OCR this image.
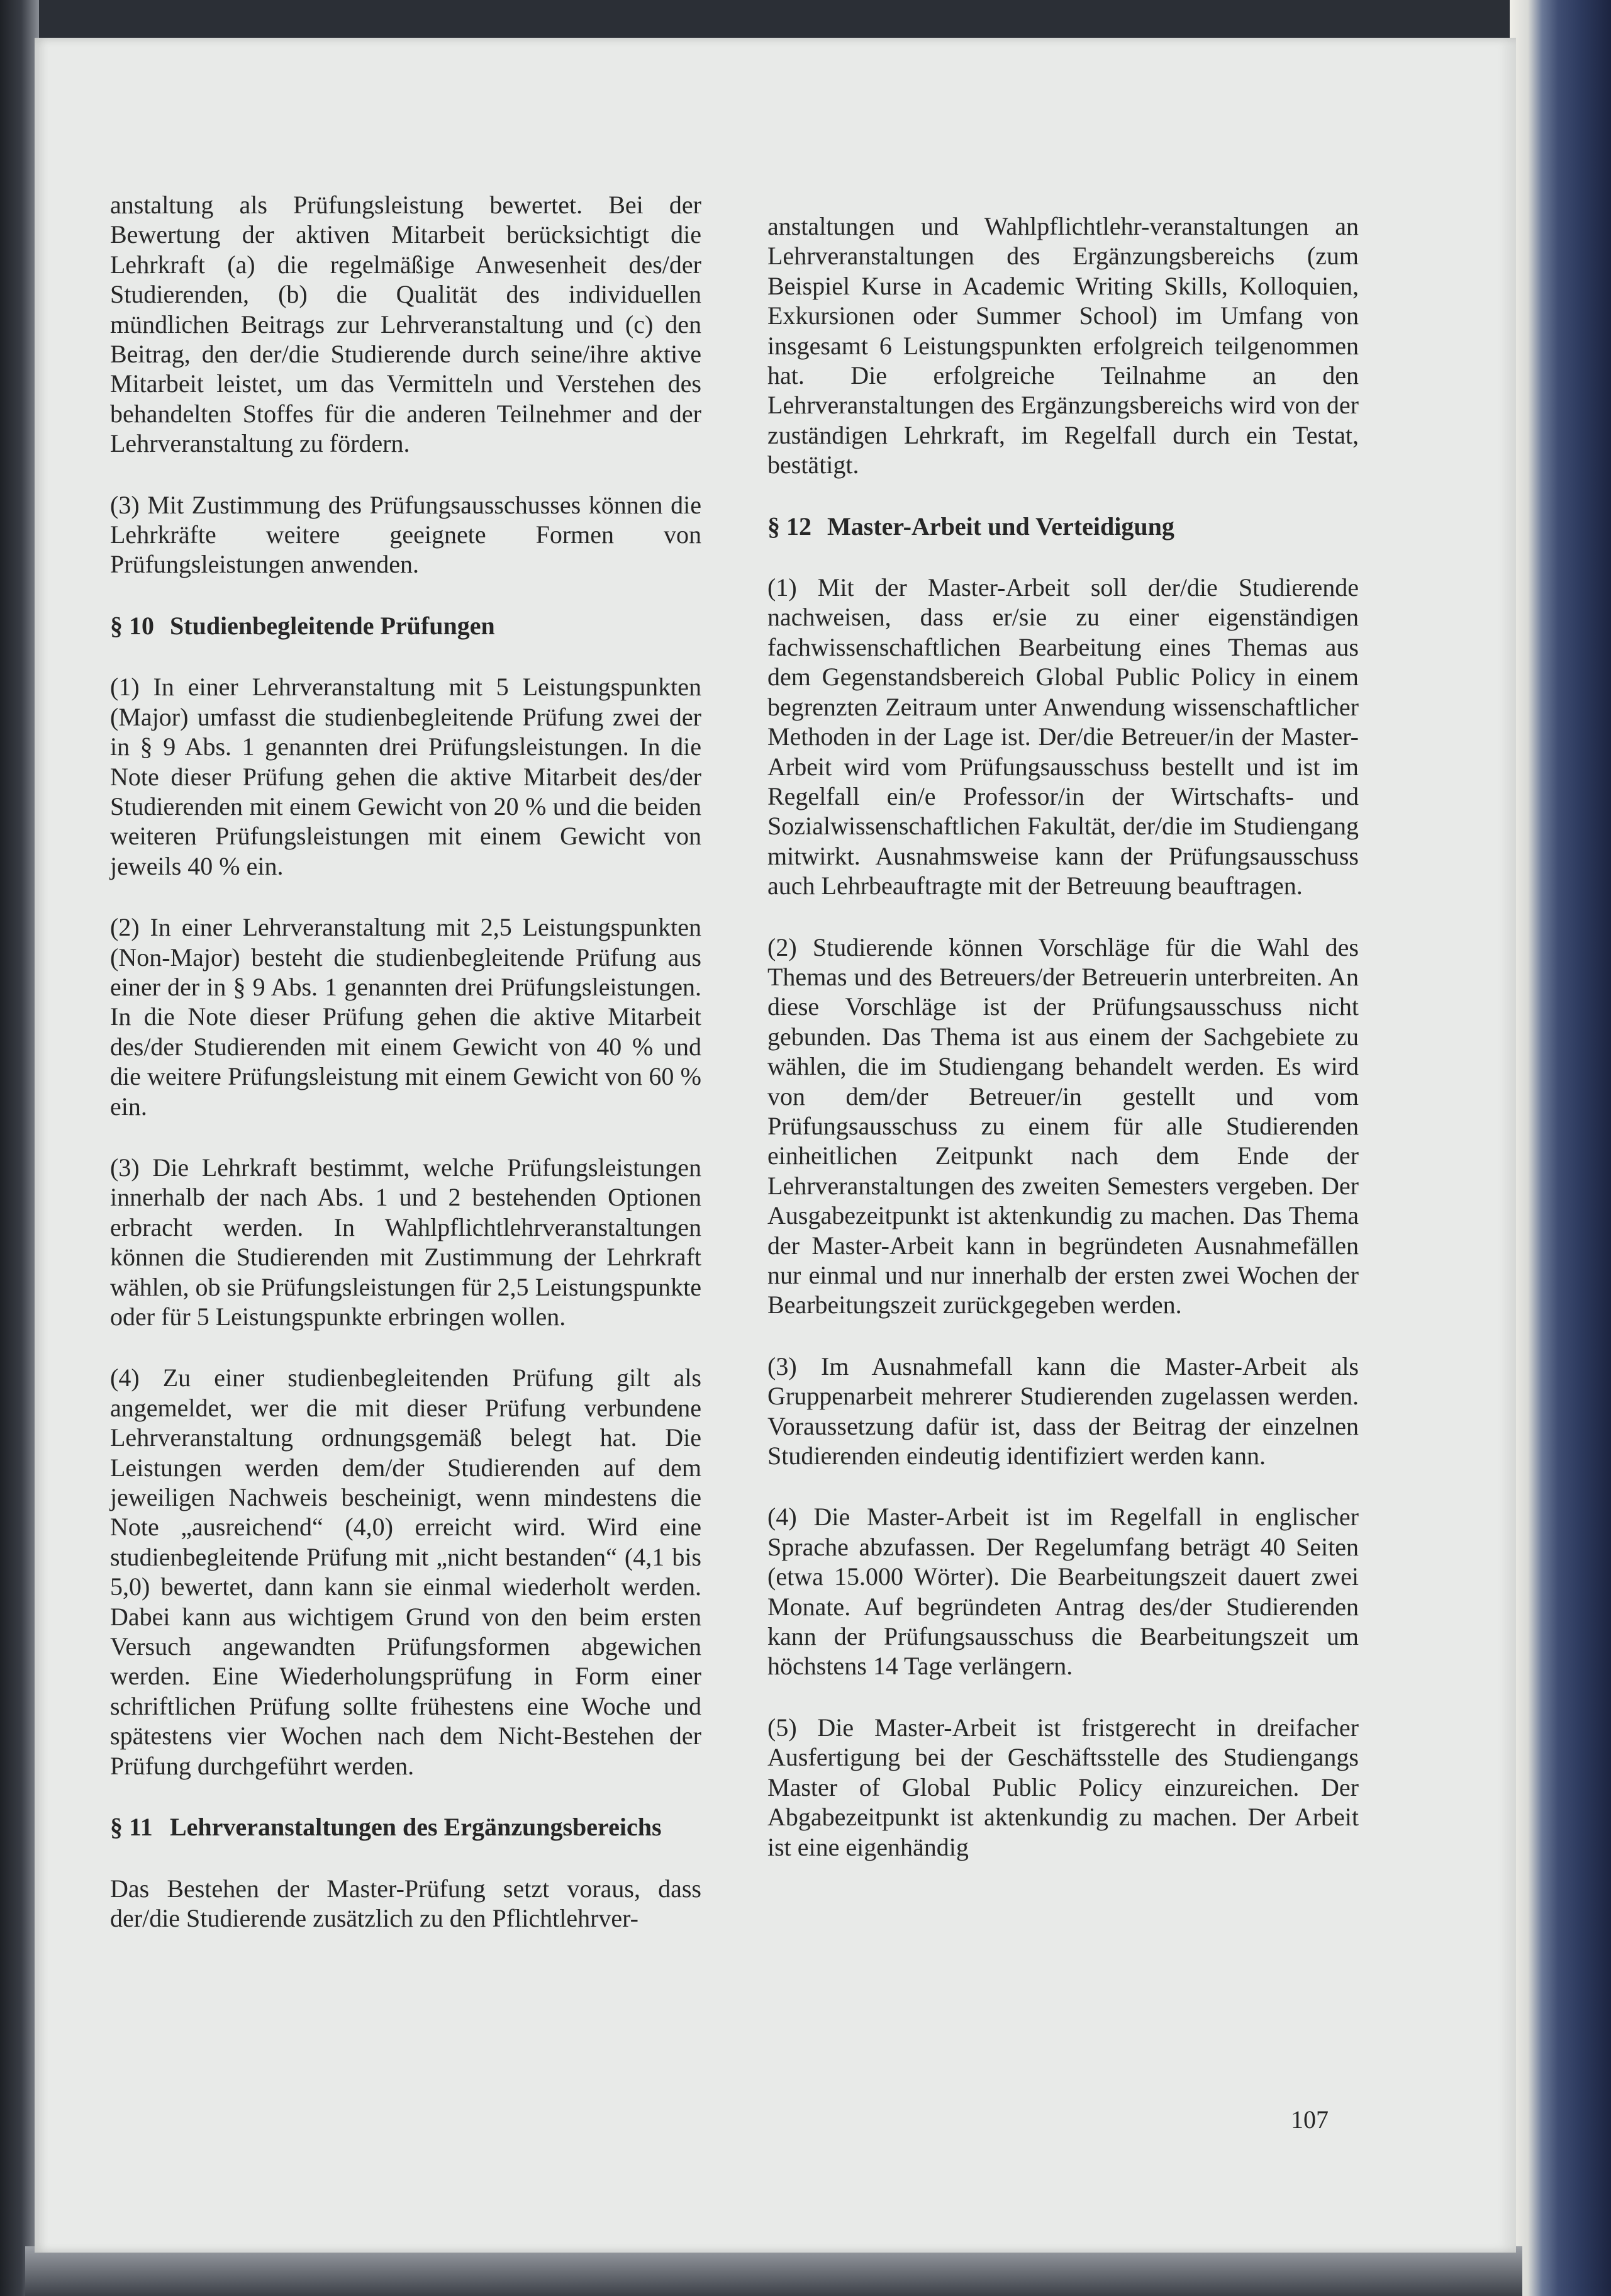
anstaltung als Prüfungsleistung bewertet. Bei der Bewertung der aktiven Mitarbeit berücksichtigt die Lehrkraft (a) die regelmäßige Anwesenheit des/der Studierenden, (b) die Qualität des individuellen mündlichen Beitrags zur Lehrveranstaltung und (c) den Beitrag, den der/die Studierende durch seine/ihre aktive Mitarbeit leistet, um das Vermitteln und Verstehen des behandelten Stoffes für die anderen Teilnehmer and der Lehrveranstaltung zu fördern.

(3) Mit Zustimmung des Prüfungsausschusses können die Lehrkräfte weitere geeignete Formen von Prüfungsleistungen anwenden.

§ 10 Studienbegleitende Prüfungen

(1) In einer Lehrveranstaltung mit 5 Leistungspunkten (Major) umfasst die studienbegleitende Prüfung zwei der in § 9 Abs. 1 genannten drei Prüfungsleistungen. In die Note dieser Prüfung gehen die aktive Mitarbeit des/der Studierenden mit einem Gewicht von 20 % und die beiden weiteren Prüfungsleistungen mit einem Gewicht von jeweils 40 % ein.

(2) In einer Lehrveranstaltung mit 2,5 Leistungspunkten (Non-Major) besteht die studienbegleitende Prüfung aus einer der in § 9 Abs. 1 genannten drei Prüfungsleistungen. In die Note dieser Prüfung gehen die aktive Mitarbeit des/der Studierenden mit einem Gewicht von 40 % und die weitere Prüfungsleistung mit einem Gewicht von 60 % ein.

(3) Die Lehrkraft bestimmt, welche Prüfungsleistungen innerhalb der nach Abs. 1 und 2 bestehenden Optionen erbracht werden. In Wahlpflichtlehrveranstaltungen können die Studierenden mit Zustimmung der Lehrkraft wählen, ob sie Prüfungsleistungen für 2,5 Leistungspunkte oder für 5 Leistungspunkte erbringen wollen.

(4) Zu einer studienbegleitenden Prüfung gilt als angemeldet, wer die mit dieser Prüfung verbundene Lehrveranstaltung ordnungsgemäß belegt hat. Die Leistungen werden dem/der Studierenden auf dem jeweiligen Nachweis bescheinigt, wenn mindestens die Note „ausreichend“ (4,0) erreicht wird. Wird eine studienbegleitende Prüfung mit „nicht bestanden“ (4,1 bis 5,0) bewertet, dann kann sie einmal wiederholt werden. Dabei kann aus wichtigem Grund von den beim ersten Versuch angewandten Prüfungsformen abgewichen werden. Eine Wiederholungsprüfung in Form einer schriftlichen Prüfung sollte frühestens eine Woche und spätestens vier Wochen nach dem Nicht-Bestehen der Prüfung durchgeführt werden.

§ 11 Lehrveranstaltungen des Ergänzungsbereichs

Das Bestehen der Master-Prüfung setzt voraus, dass der/die Studierende zusätzlich zu den Pflichtlehrver-

anstaltungen und Wahlpflichtlehr-veranstaltungen an Lehrveranstaltungen des Ergänzungsbereichs (zum Beispiel Kurse in Academic Writing Skills, Kolloquien, Exkursionen oder Summer School) im Umfang von insgesamt 6 Leistungspunkten erfolgreich teilgenommen hat. Die erfolgreiche Teilnahme an den Lehrveranstaltungen des Ergänzungsbereichs wird von der zuständigen Lehrkraft, im Regelfall durch ein Testat, bestätigt.

§ 12 Master-Arbeit und Verteidigung

(1) Mit der Master-Arbeit soll der/die Studierende nachweisen, dass er/sie zu einer eigenständigen fachwissenschaftlichen Bearbeitung eines Themas aus dem Gegenstandsbereich Global Public Policy in einem begrenzten Zeitraum unter Anwendung wissenschaftlicher Methoden in der Lage ist. Der/die Betreuer/in der Master-Arbeit wird vom Prüfungsausschuss bestellt und ist im Regelfall ein/e Professor/in der Wirtschafts- und Sozialwissenschaftlichen Fakultät, der/die im Studiengang mitwirkt. Ausnahmsweise kann der Prüfungsausschuss auch Lehrbeauftragte mit der Betreuung beauftragen.

(2) Studierende können Vorschläge für die Wahl des Themas und des Betreuers/der Betreuerin unterbreiten. An diese Vorschläge ist der Prüfungsausschuss nicht gebunden. Das Thema ist aus einem der Sachgebiete zu wählen, die im Studiengang behandelt werden. Es wird von dem/der Betreuer/in gestellt und vom Prüfungsausschuss zu einem für alle Studierenden einheitlichen Zeitpunkt nach dem Ende der Lehrveranstaltungen des zweiten Semesters vergeben. Der Ausgabezeitpunkt ist aktenkundig zu machen. Das Thema der Master-Arbeit kann in begründeten Ausnahmefällen nur einmal und nur innerhalb der ersten zwei Wochen der Bearbeitungszeit zurückgegeben werden.

(3) Im Ausnahmefall kann die Master-Arbeit als Gruppenarbeit mehrerer Studierenden zugelassen werden. Voraussetzung dafür ist, dass der Beitrag der einzelnen Studierenden eindeutig identifiziert werden kann.

(4) Die Master-Arbeit ist im Regelfall in englischer Sprache abzufassen. Der Regelumfang beträgt 40 Seiten (etwa 15.000 Wörter). Die Bearbeitungszeit dauert zwei Monate. Auf begründeten Antrag des/der Studierenden kann der Prüfungsausschuss die Bearbeitungszeit um höchstens 14 Tage verlängern.

(5) Die Master-Arbeit ist fristgerecht in dreifacher Ausfertigung bei der Geschäftsstelle des Studiengangs Master of Global Public Policy einzureichen. Der Abgabezeitpunkt ist aktenkundig zu machen. Der Arbeit ist eine eigenhändig

107
